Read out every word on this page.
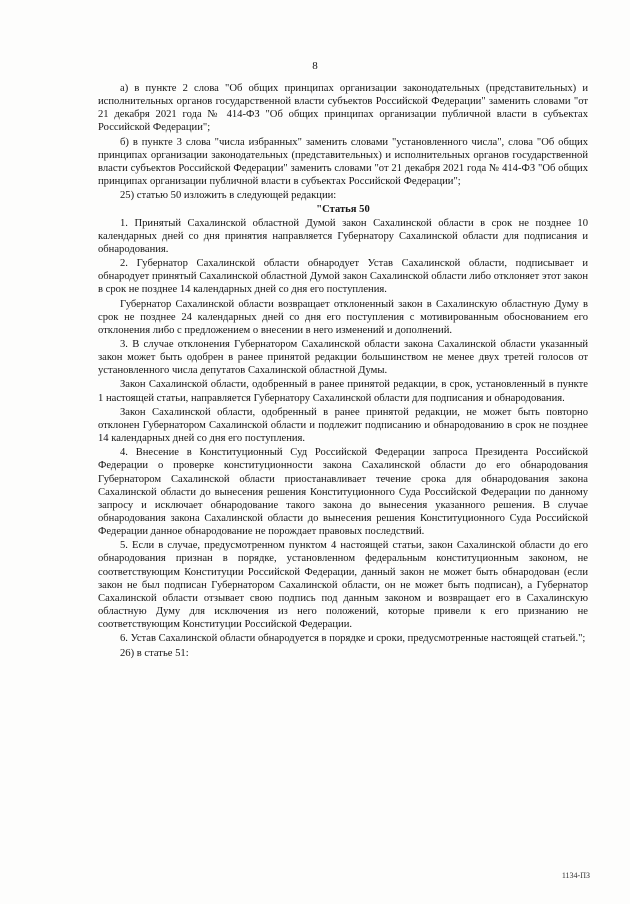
8

а) в пункте 2 слова "Об общих принципах организации законодательных (представительных) и исполнительных органов государственной власти субъектов Российской Федерации" заменить словами "от 21 декабря 2021 года № 414-ФЗ "Об общих принципах организации публичной власти в субъектах Российской Федерации";

б) в пункте 3 слова "числа избранных" заменить словами "установленного числа", слова "Об общих принципах организации законодательных (представительных) и исполнительных органов государственной власти субъектов Российской Федерации" заменить словами "от 21 декабря 2021 года № 414-ФЗ "Об общих принципах организации публичной власти в субъектах Российской Федерации";

25) статью 50 изложить в следующей редакции:

"Статья 50

1. Принятый Сахалинской областной Думой закон Сахалинской области в срок не позднее 10 календарных дней со дня принятия направляется Губернатору Сахалинской области для подписания и обнародования.

2. Губернатор Сахалинской области обнародует Устав Сахалинской области, подписывает и обнародует принятый Сахалинской областной Думой закон Сахалинской области либо отклоняет этот закон в срок не позднее 14 календарных дней со дня его поступления.

Губернатор Сахалинской области возвращает отклоненный закон в Сахалинскую областную Думу в срок не позднее 24 календарных дней со дня его поступления с мотивированным обоснованием его отклонения либо с предложением о внесении в него изменений и дополнений.

3. В случае отклонения Губернатором Сахалинской области закона Сахалинской области указанный закон может быть одобрен в ранее принятой редакции большинством не менее двух третей голосов от установленного числа депутатов Сахалинской областной Думы.

Закон Сахалинской области, одобренный в ранее принятой редакции, в срок, установленный в пункте 1 настоящей статьи, направляется Губернатору Сахалинской области для подписания и обнародования.

Закон Сахалинской области, одобренный в ранее принятой редакции, не может быть повторно отклонен Губернатором Сахалинской области и подлежит подписанию и обнародованию в срок не позднее 14 календарных дней со дня его поступления.

4. Внесение в Конституционный Суд Российской Федерации запроса Президента Российской Федерации о проверке конституционности закона Сахалинской области до его обнародования Губернатором Сахалинской области приостанавливает течение срока для обнародования закона Сахалинской области до вынесения решения Конституционного Суда Российской Федерации по данному запросу и исключает обнародование такого закона до вынесения указанного решения. В случае обнародования закона Сахалинской области до вынесения решения Конституционного Суда Российской Федерации данное обнародование не порождает правовых последствий.

5. Если в случае, предусмотренном пунктом 4 настоящей статьи, закон Сахалинской области до его обнародования признан в порядке, установленном федеральным конституционным законом, не соответствующим Конституции Российской Федерации, данный закон не может быть обнародован (если закон не был подписан Губернатором Сахалинской области, он не может быть подписан), а Губернатор Сахалинской области отзывает свою подпись под данным законом и возвращает его в Сахалинскую областную Думу для исключения из него положений, которые привели к его признанию не соответствующим Конституции Российской Федерации.

6. Устав Сахалинской области обнародуется в порядке и сроки, предусмотренные настоящей статьей.";

26) в статье 51:

1134-ПЗ
